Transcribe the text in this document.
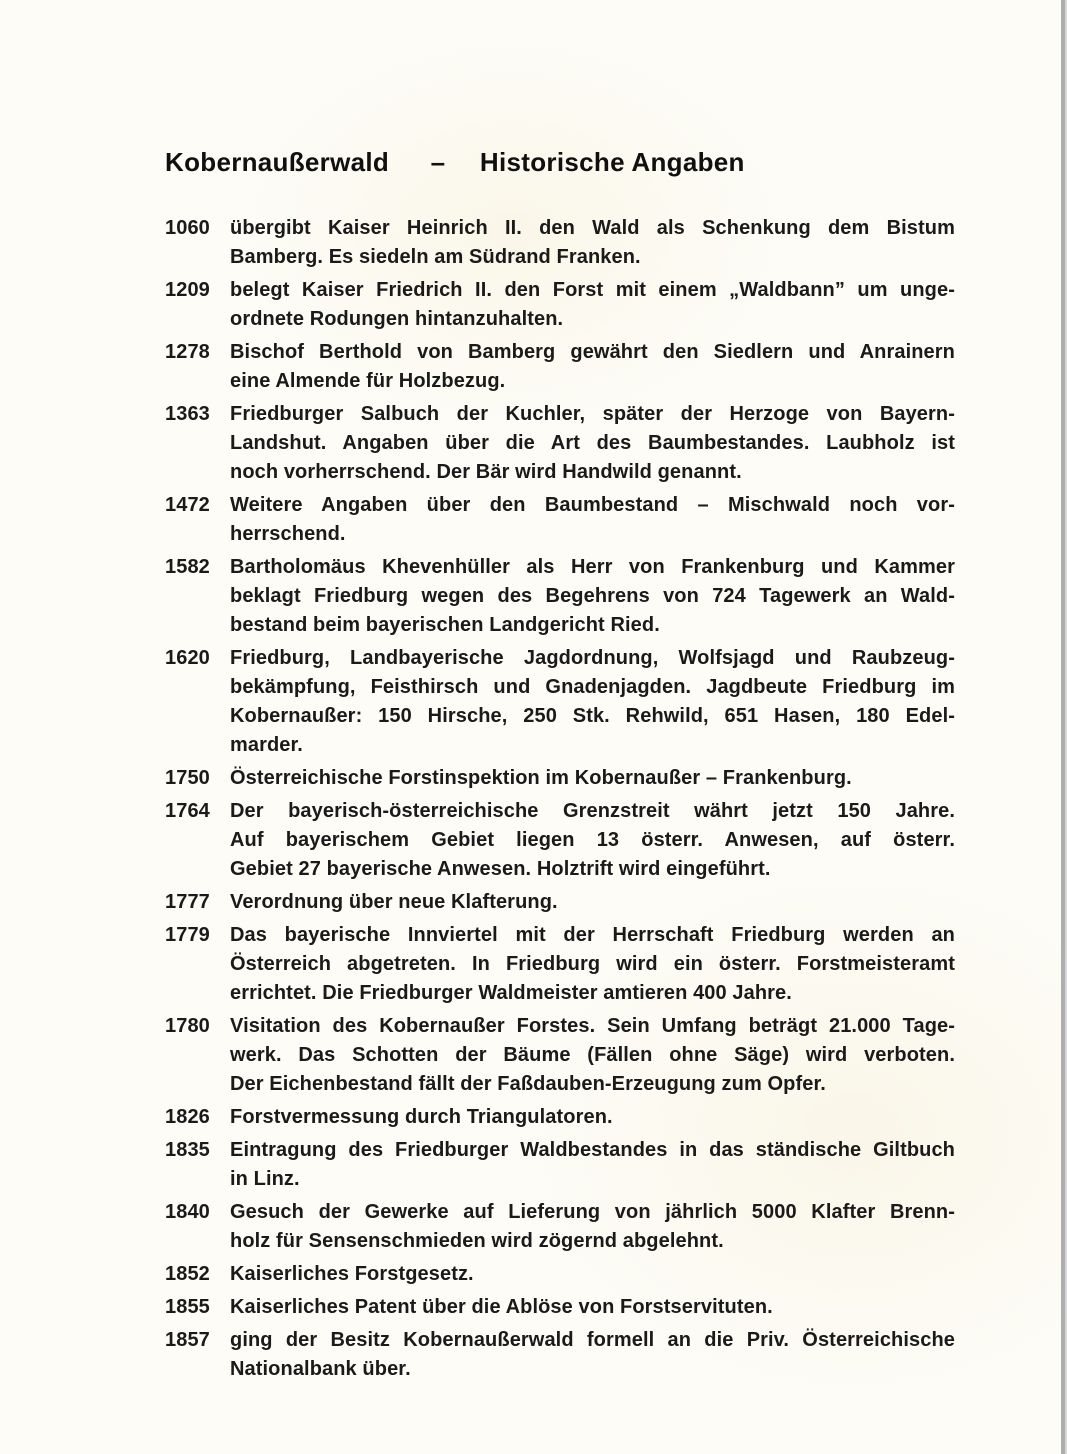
Kobernaußerwald – Historische Angaben
1060	übergibt Kaiser Heinrich II. den Wald als Schenkung dem Bistum
Bamberg. Es siedeln am Südrand Franken.
1209	belegt Kaiser Friedrich II. den Forst mit einem „Waldbann” um unge-
ordnete Rodungen hintanzuhalten.
1278	Bischof Berthold von Bamberg gewährt den Siedlern und Anrainern
eine Almende für Holzbezug.
1363	Friedburger Salbuch der Kuchler, später der Herzoge von Bayern-
Landshut. Angaben über die Art des Baumbestandes. Laubholz ist
noch vorherrschend. Der Bär wird Handwild genannt.
1472	Weitere Angaben über den Baumbestand – Mischwald noch vor-
herrschend.
1582	Bartholomäus Khevenhüller als Herr von Frankenburg und Kammer
beklagt Friedburg wegen des Begehrens von 724 Tagewerk an Wald-
bestand beim bayerischen Landgericht Ried.
1620	Friedburg, Landbayerische Jagdordnung, Wolfsjagd und Raubzeug-
bekämpfung, Feisthirsch und Gnadenjagden. Jagdbeute Friedburg im
Kobernaußer: 150 Hirsche, 250 Stk. Rehwild, 651 Hasen, 180 Edel-
marder.
1750	Österreichische Forstinspektion im Kobernaußer – Frankenburg.
1764	Der bayerisch-österreichische Grenzstreit währt jetzt 150 Jahre.
Auf bayerischem Gebiet liegen 13 österr. Anwesen, auf österr.
Gebiet 27 bayerische Anwesen. Holztrift wird eingeführt.
1777	Verordnung über neue Klafterung.
1779	Das bayerische Innviertel mit der Herrschaft Friedburg werden an
Österreich abgetreten. In Friedburg wird ein österr. Forstmeisteramt
errichtet. Die Friedburger Waldmeister amtieren 400 Jahre.
1780	Visitation des Kobernaußer Forstes. Sein Umfang beträgt 21.000 Tage-
werk. Das Schotten der Bäume (Fällen ohne Säge) wird verboten.
Der Eichenbestand fällt der Faßdauben-Erzeugung zum Opfer.
1826	Forstvermessung durch Triangulatoren.
1835	Eintragung des Friedburger Waldbestandes in das ständische Giltbuch
in Linz.
1840	Gesuch der Gewerke auf Lieferung von jährlich 5000 Klafter Brenn-
holz für Sensenschmieden wird zögernd abgelehnt.
1852	Kaiserliches Forstgesetz.
1855	Kaiserliches Patent über die Ablöse von Forstservituten.
1857	ging der Besitz Kobernaußerwald formell an die Priv. Österreichische
Nationalbank über.
